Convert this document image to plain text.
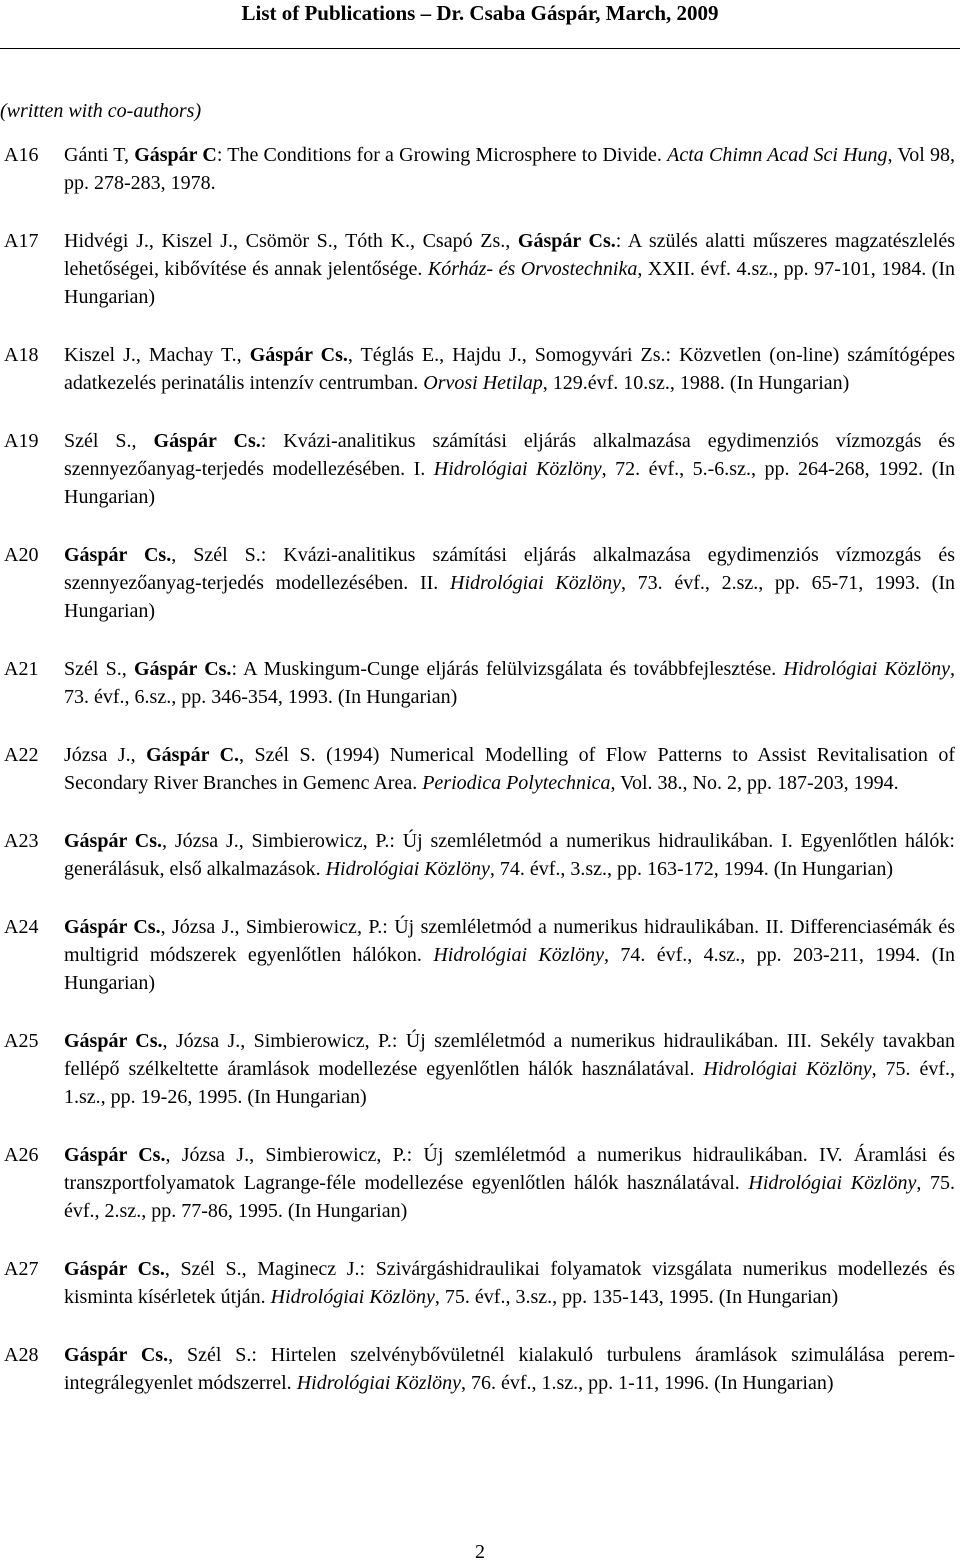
List of Publications – Dr. Csaba Gáspár, March, 2009
(written with co-authors)
A16	Gánti T, Gáspár C: The Conditions for a Growing Microsphere to Divide. Acta Chimn Acad Sci Hung, Vol 98, pp. 278-283, 1978.
A17	Hidvégi J., Kiszel J., Csömör S., Tóth K., Csapó Zs., Gáspár Cs.: A szülés alatti műszeres magzatészlelés lehetőségei, kibővítése és annak jelentősége. Kórház- és Orvostechnika, XXII. évf. 4.sz., pp. 97-101, 1984. (In Hungarian)
A18	Kiszel J., Machay T., Gáspár Cs., Téglás E., Hajdu J., Somogyvári Zs.: Közvetlen (on-line) számítógépes adatkezelés perinatális intenzív centrumban. Orvosi Hetilap, 129.évf. 10.sz., 1988. (In Hungarian)
A19	Szél S., Gáspár Cs.: Kvázi-analitikus számítási eljárás alkalmazása egydimenziós vízmozgás és szennyezőanyag-terjedés modellezésében. I. Hidrológiai Közlöny, 72. évf., 5.-6.sz., pp. 264-268, 1992. (In Hungarian)
A20	Gáspár Cs., Szél S.: Kvázi-analitikus számítási eljárás alkalmazása egydimenziós vízmozgás és szennyezőanyag-terjedés modellezésében. II. Hidrológiai Közlöny, 73. évf., 2.sz., pp. 65-71, 1993. (In Hungarian)
A21	Szél S., Gáspár Cs.: A Muskingum-Cunge eljárás felülvizsgálata és továbbfejlesztése. Hidrológiai Közlöny, 73. évf., 6.sz., pp. 346-354, 1993. (In Hungarian)
A22	Józsa J., Gáspár C., Szél S. (1994) Numerical Modelling of Flow Patterns to Assist Revitalisation of Secondary River Branches in Gemenc Area. Periodica Polytechnica, Vol. 38., No. 2, pp. 187-203, 1994.
A23	Gáspár Cs., Józsa J., Simbierowicz, P.: Új szemléletmód a numerikus hidraulikában. I. Egyenlőtlen hálók: generálásuk, első alkalmazások. Hidrológiai Közlöny, 74. évf., 3.sz., pp. 163-172, 1994. (In Hungarian)
A24	Gáspár Cs., Józsa J., Simbierowicz, P.: Új szemléletmód a numerikus hidraulikában. II. Differenciasémák és multigrid módszerek egyenlőtlen hálókon. Hidrológiai Közlöny, 74. évf., 4.sz., pp. 203-211, 1994. (In Hungarian)
A25	Gáspár Cs., Józsa J., Simbierowicz, P.: Új szemléletmód a numerikus hidraulikában. III. Sekély tavakban fellépő szélkeltette áramlások modellezése egyenlőtlen hálók használatával. Hidrológiai Közlöny, 75. évf., 1.sz., pp. 19-26, 1995. (In Hungarian)
A26	Gáspár Cs., Józsa J., Simbierowicz, P.: Új szemléletmód a numerikus hidraulikában. IV. Áramlási és transzportfolyamatok Lagrange-féle modellezése egyenlőtlen hálók használatával. Hidrológiai Közlöny, 75. évf., 2.sz., pp. 77-86, 1995. (In Hungarian)
A27	Gáspár Cs., Szél S., Maginecz J.: Szivárgáshidraulikai folyamatok vizsgálata numerikus modellezés és kisminta kísérletek útján. Hidrológiai Közlöny, 75. évf., 3.sz., pp. 135-143, 1995. (In Hungarian)
A28	Gáspár Cs., Szél S.: Hirtelen szelvénybővületnél kialakuló turbulens áramlások szimulálása perem-integrálegyenlet módszerrel. Hidrológiai Közlöny, 76. évf., 1.sz., pp. 1-11, 1996. (In Hungarian)
2
